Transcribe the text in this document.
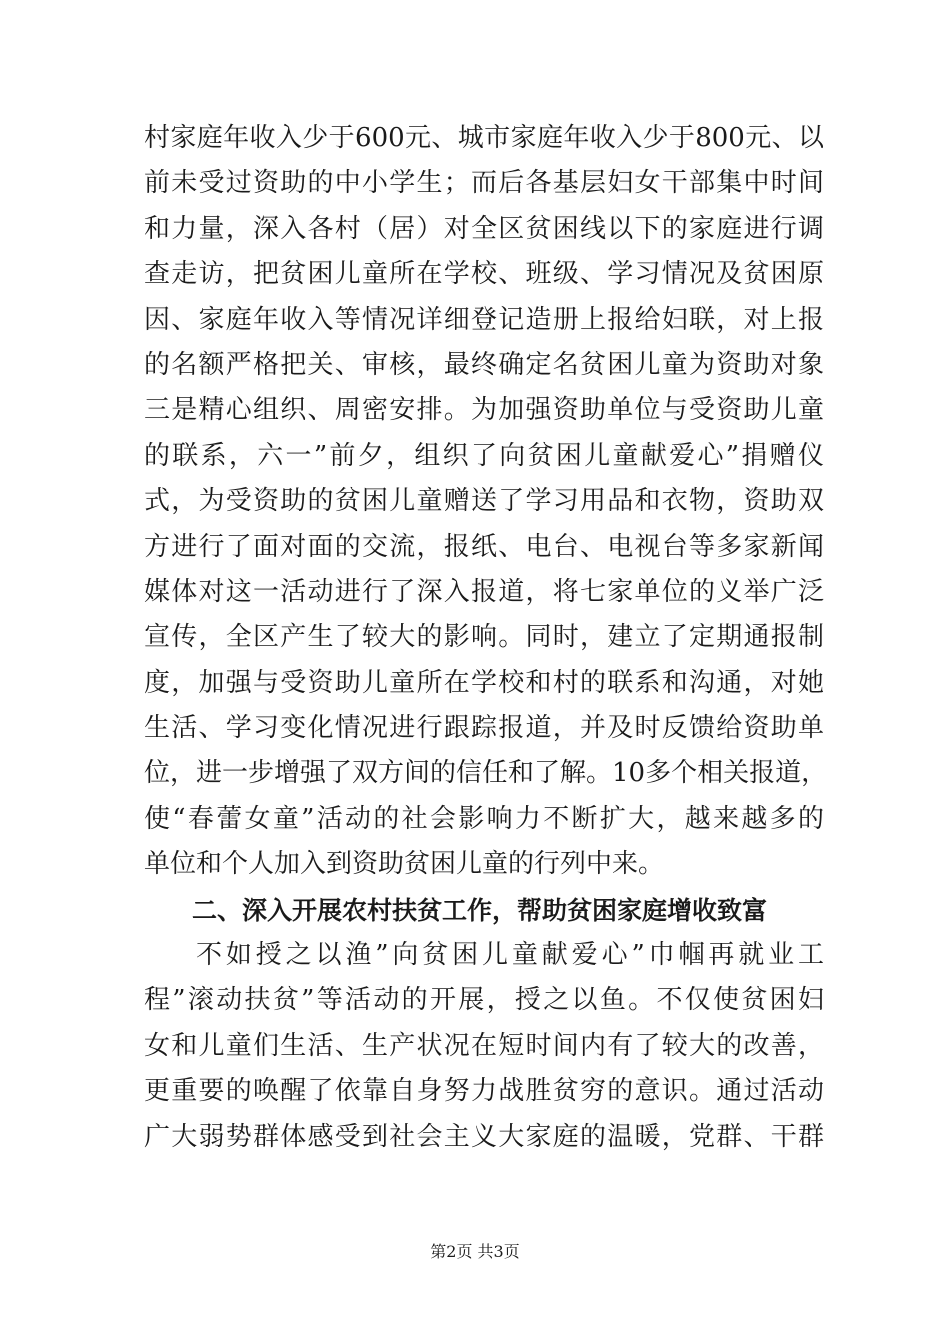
村家庭年收入少于600元、城市家庭年收入少于800元、以
前未受过资助的中小学生；而后各基层妇女干部集中时间
和力量，深入各村（居）对全区贫困线以下的家庭进行调
查走访，把贫困儿童所在学校、班级、学习情况及贫困原
因、家庭年收入等情况详细登记造册上报给妇联，对上报
的名额严格把关、审核，最终确定名贫困儿童为资助对象
三是精心组织、周密安排。为加强资助单位与受资助儿童
的联系，六一”前夕，组织了向贫困儿童献爱心”捐赠仪
式，为受资助的贫困儿童赠送了学习用品和衣物，资助双
方进行了面对面的交流，报纸、电台、电视台等多家新闻
媒体对这一活动进行了深入报道，将七家单位的义举广泛
宣传，全区产生了较大的影响。同时，建立了定期通报制
度，加强与受资助儿童所在学校和村的联系和沟通，对她
生活、学习变化情况进行跟踪报道，并及时反馈给资助单
位，进一步增强了双方间的信任和了解。10多个相关报道，
使“春蕾女童”活动的社会影响力不断扩大，越来越多的
单位和个人加入到资助贫困儿童的行列中来。
二、深入开展农村扶贫工作，帮助贫困家庭增收致富
不如授之以渔”向贫困儿童献爱心”巾帼再就业工
程”滚动扶贫”等活动的开展，授之以鱼。不仅使贫困妇
女和儿童们生活、生产状况在短时间内有了较大的改善，
更重要的唤醒了依靠自身努力战胜贫穷的意识。通过活动
广大弱势群体感受到社会主义大家庭的温暖，党群、干群
第2页 共3页
